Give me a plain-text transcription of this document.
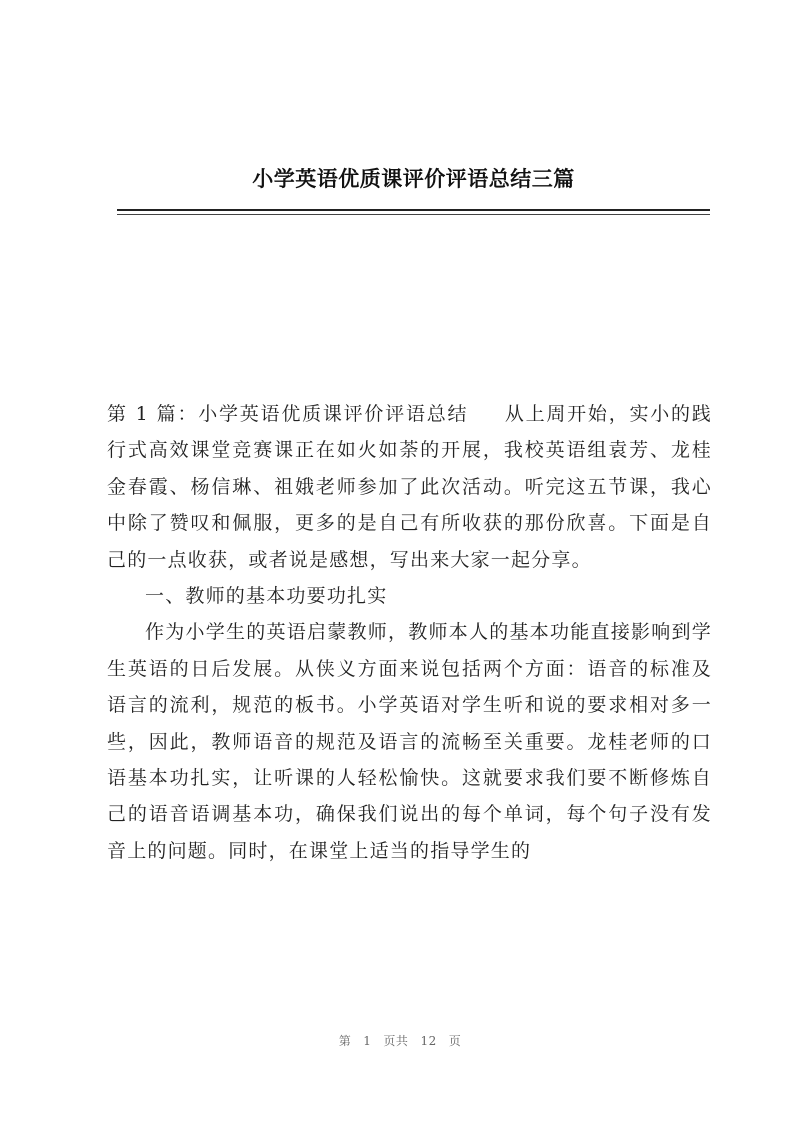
小学英语优质课评价评语总结三篇

第 1 篇：小学英语优质课评价评语总结 从上周开始，实小的践行式高效课堂竞赛课正在如火如荼的开展，我校英语组袁芳、龙桂金春霞、杨信琳、祖娥老师参加了此次活动。听完这五节课，我心中除了赞叹和佩服，更多的是自己有所收获的那份欣喜。下面是自己的一点收获，或者说是感想，写出来大家一起分享。

一、教师的基本功要功扎实

作为小学生的英语启蒙教师，教师本人的基本功能直接影响到学生英语的日后发展。从侠义方面来说包括两个方面：语音的标准及语言的流利，规范的板书。小学英语对学生听和说的要求相对多一些，因此，教师语音的规范及语言的流畅至关重要。龙桂老师的口语基本功扎实，让听课的人轻松愉快。这就要求我们要不断修炼自己的语音语调基本功，确保我们说出的每个单词，每个句子没有发音上的问题。同时，在课堂上适当的指导学生的

第 1 页共 12 页
